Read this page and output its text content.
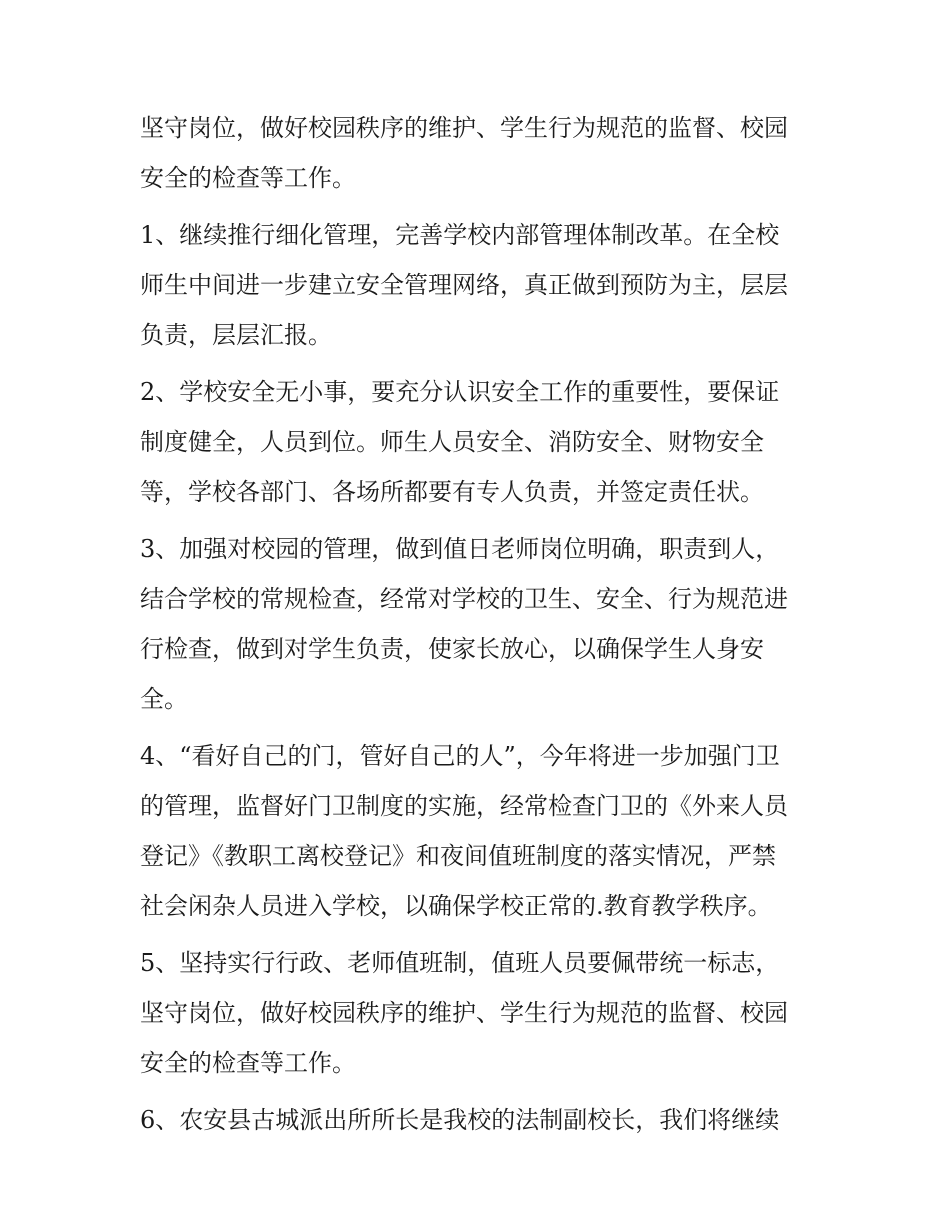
坚守岗位，做好校园秩序的维护、学生行为规范的监督、校园
安全的检查等工作。
1、继续推行细化管理，完善学校内部管理体制改革。在全校
师生中间进一步建立安全管理网络，真正做到预防为主，层层
负责，层层汇报。
2、学校安全无小事，要充分认识安全工作的重要性，要保证
制度健全，人员到位。师生人员安全、消防安全、财物安全
等，学校各部门、各场所都要有专人负责，并签定责任状。
3、加强对校园的管理，做到值日老师岗位明确，职责到人，
结合学校的常规检查，经常对学校的卫生、安全、行为规范进
行检查，做到对学生负责，使家长放心，以确保学生人身安
全。
4、“看好自己的门，管好自己的人”，今年将进一步加强门卫
的管理，监督好门卫制度的实施，经常检查门卫的《外来人员
登记》《教职工离校登记》和夜间值班制度的落实情况，严禁
社会闲杂人员进入学校，以确保学校正常的.教育教学秩序。
5、坚持实行行政、老师值班制，值班人员要佩带统一标志，
坚守岗位，做好校园秩序的维护、学生行为规范的监督、校园
安全的检查等工作。
6、农安县古城派出所所长是我校的法制副校长，我们将继续
